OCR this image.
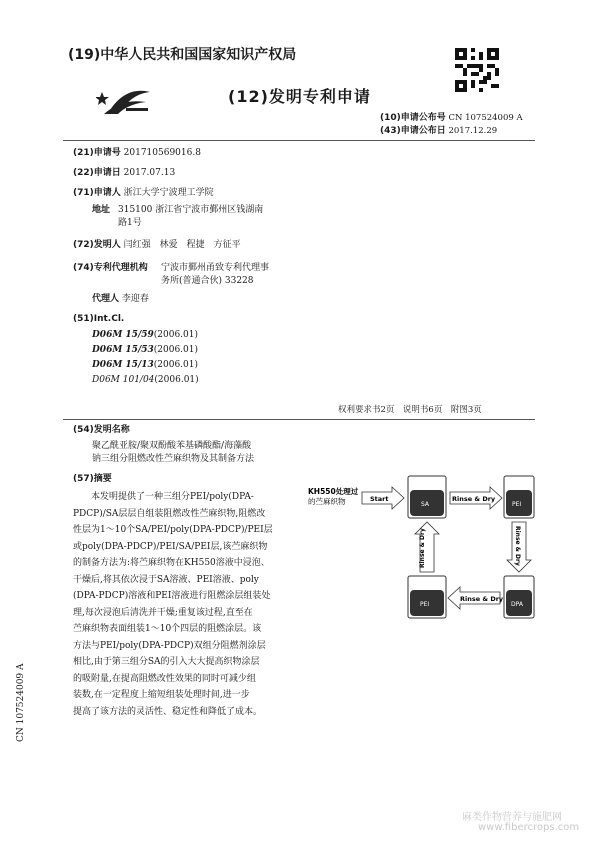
(19)中华人民共和国国家知识产权局
(12)发明专利申请
(10)申请公布号 CN 107524009 A
(43)申请公布日 2017.12.29
(21)申请号 201710569016.8
(22)申请日 2017.07.13
(71)申请人 浙江大学宁波理工学院
地址 315100 浙江省宁波市鄞州区钱湖南
路1号
(72)发明人 闫红强　林爱　程捷　方征平
(74)专利代理机构 宁波市鄞州甬致专利代理事
务所(普通合伙) 33228
代理人 李迎春
(51)Int.Cl.
D06M 15/59(2006.01)
D06M 15/53(2006.01)
D06M 15/13(2006.01)
D06M 101/04(2006.01)
权利要求书2页　说明书6页　附图3页
(54)发明名称
聚乙酰亚胺/聚双酚酸苯基磷酸酯/海藻酸
钠三组分阻燃改性苎麻织物及其制备方法
(57)摘要
本发明提供了一种三组分PEI/poly(DPA-
PDCP)/SA层层自组装阻燃改性苎麻织物,阻燃改
性层为1～10个SA/PEI/poly(DPA-PDCP)/PEI层
或poly(DPA-PDCP)/PEI/SA/PEI层,该苎麻织物
的制备方法为:将苎麻织物在KH550溶液中浸泡、
干燥后,将其依次浸于SA溶液、PEI溶液、poly
(DPA-PDCP)溶液和PEI溶液进行阻燃涂层组装处
理,每次浸泡后清洗并干燥;重复该过程,直至在
苎麻织物表面组装1～10个四层的阻燃涂层。该
方法与PEI/poly(DPA-PDCP)双组分阻燃剂涂层
相比,由于第三组分SA的引入大大提高织物涂层
的吸附量,在提高阻燃改性效果的同时可减少组
装数,在一定程度上缩短组装处理时间,进一步
提高了该方法的灵活性、稳定性和降低了成本。
KH550处理过
的苎麻织物	Start
SA
Rinse & Dry
PEI
Rinse & Dry
DPA
Rinse & Dry
PEI
Rinse & Dry
CN 107524009 A
麻类作物营养与施肥网
www.fibercrops.com
